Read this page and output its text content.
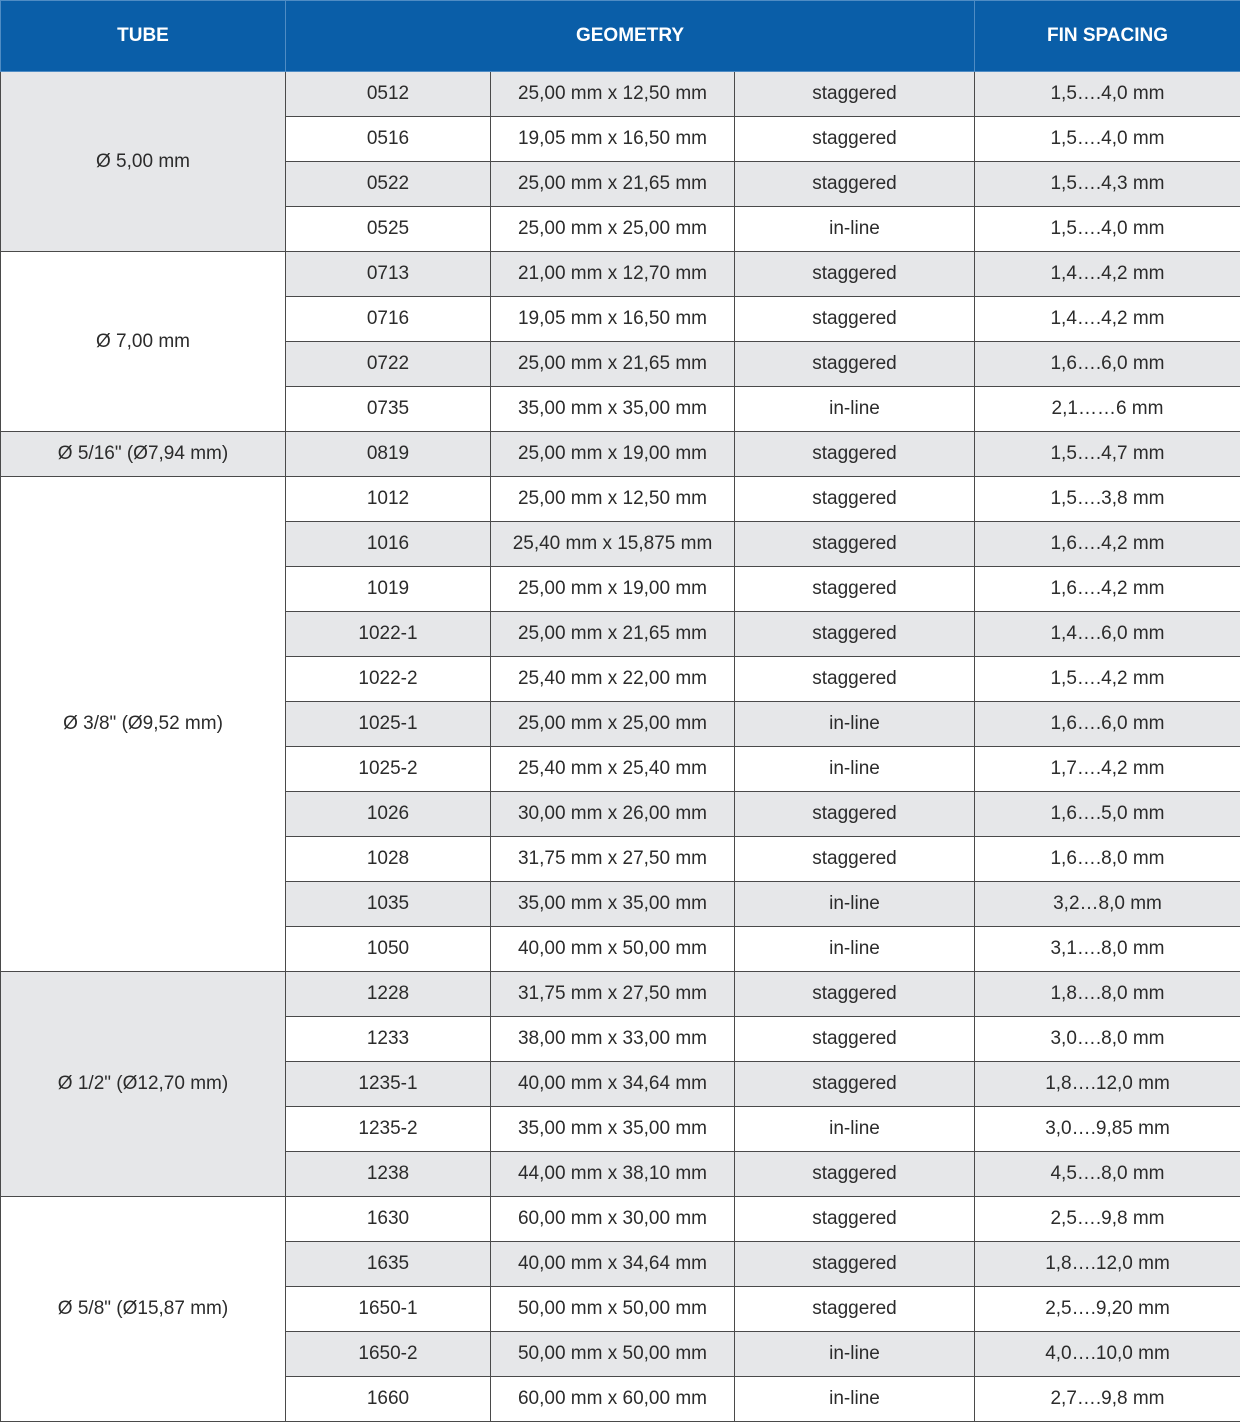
TUBE	GEOMETRY			FIN SPACING
Ø 5,00 mm	0512	25,00 mm x 12,50 mm	staggered	1,5….4,0 mm
	0516	19,05 mm x 16,50 mm	staggered	1,5….4,0 mm
	0522	25,00 mm x 21,65 mm	staggered	1,5….4,3 mm
	0525	25,00 mm x 25,00 mm	in-line	1,5….4,0 mm
Ø 7,00 mm	0713	21,00 mm x 12,70 mm	staggered	1,4….4,2 mm
	0716	19,05 mm x 16,50 mm	staggered	1,4….4,2 mm
	0722	25,00 mm x 21,65 mm	staggered	1,6….6,0 mm
	0735	35,00 mm x 35,00 mm	in-line	2,1……6 mm
Ø 5/16" (Ø7,94 mm)	0819	25,00 mm x 19,00 mm	staggered	1,5….4,7 mm
Ø 3/8" (Ø9,52 mm)	1012	25,00 mm x 12,50 mm	staggered	1,5….3,8 mm
	1016	25,40 mm x 15,875 mm	staggered	1,6….4,2 mm
	1019	25,00 mm x 19,00 mm	staggered	1,6….4,2 mm
	1022-1	25,00 mm x 21,65 mm	staggered	1,4….6,0 mm
	1022-2	25,40 mm x 22,00 mm	staggered	1,5….4,2 mm
	1025-1	25,00 mm x 25,00 mm	in-line	1,6….6,0 mm
	1025-2	25,40 mm x 25,40 mm	in-line	1,7….4,2 mm
	1026	30,00 mm x 26,00 mm	staggered	1,6….5,0 mm
	1028	31,75 mm x 27,50 mm	staggered	1,6….8,0 mm
	1035	35,00 mm x 35,00 mm	in-line	3,2…8,0 mm
	1050	40,00 mm x 50,00 mm	in-line	3,1….8,0 mm
Ø 1/2" (Ø12,70 mm)	1228	31,75 mm x 27,50 mm	staggered	1,8….8,0 mm
	1233	38,00 mm x 33,00 mm	staggered	3,0….8,0 mm
	1235-1	40,00 mm x 34,64 mm	staggered	1,8….12,0 mm
	1235-2	35,00 mm x 35,00 mm	in-line	3,0….9,85 mm
	1238	44,00 mm x 38,10 mm	staggered	4,5….8,0 mm
Ø 5/8" (Ø15,87 mm)	1630	60,00 mm x 30,00 mm	staggered	2,5….9,8 mm
	1635	40,00 mm x 34,64 mm	staggered	1,8….12,0 mm
	1650-1	50,00 mm x 50,00 mm	staggered	2,5….9,20 mm
	1650-2	50,00 mm x 50,00 mm	in-line	4,0….10,0 mm
	1660	60,00 mm x 60,00 mm	in-line	2,7….9,8 mm
